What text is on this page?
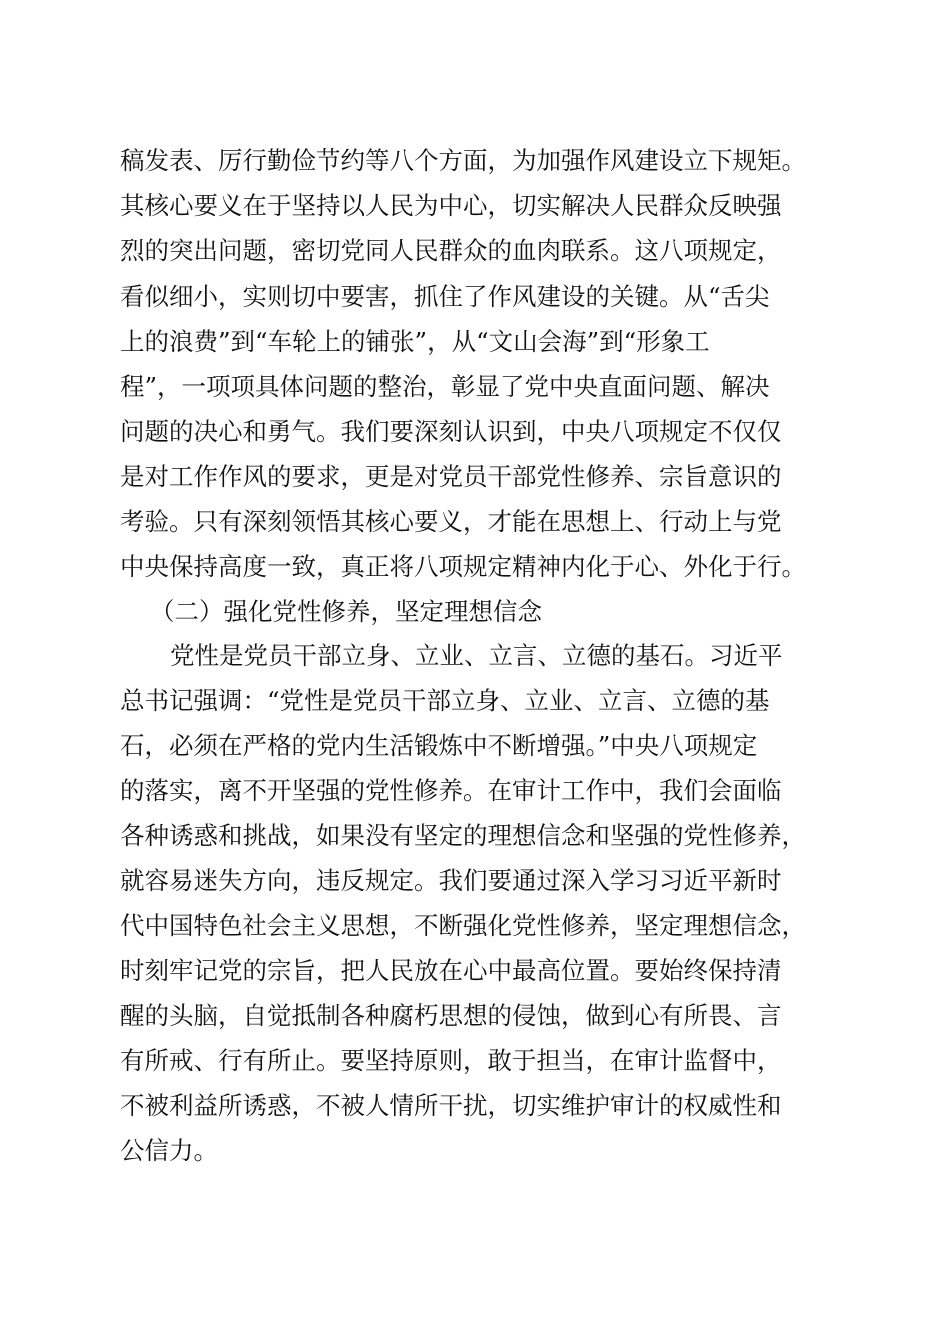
稿发表、厉行勤俭节约等八个方面，为加强作风建设立下规矩。
其核心要义在于坚持以人民为中心，切实解决人民群众反映强
烈的突出问题，密切党同人民群众的血肉联系。这八项规定，
看似细小，实则切中要害，抓住了作风建设的关键。从“舌尖
上的浪费”到“车轮上的铺张”，从“文山会海”到“形象工
程”，一项项具体问题的整治，彰显了党中央直面问题、解决
问题的决心和勇气。我们要深刻认识到，中央八项规定不仅仅
是对工作作风的要求，更是对党员干部党性修养、宗旨意识的
考验。只有深刻领悟其核心要义，才能在思想上、行动上与党
中央保持高度一致，真正将八项规定精神内化于心、外化于行。
（二）强化党性修养，坚定理想信念
党性是党员干部立身、立业、立言、立德的基石。习近平
总书记强调：“党性是党员干部立身、立业、立言、立德的基
石，必须在严格的党内生活锻炼中不断增强。”中央八项规定
的落实，离不开坚强的党性修养。在审计工作中，我们会面临
各种诱惑和挑战，如果没有坚定的理想信念和坚强的党性修养，
就容易迷失方向，违反规定。我们要通过深入学习习近平新时
代中国特色社会主义思想，不断强化党性修养，坚定理想信念，
时刻牢记党的宗旨，把人民放在心中最高位置。要始终保持清
醒的头脑，自觉抵制各种腐朽思想的侵蚀，做到心有所畏、言
有所戒、行有所止。要坚持原则，敢于担当，在审计监督中，
不被利益所诱惑，不被人情所干扰，切实维护审计的权威性和
公信力。
